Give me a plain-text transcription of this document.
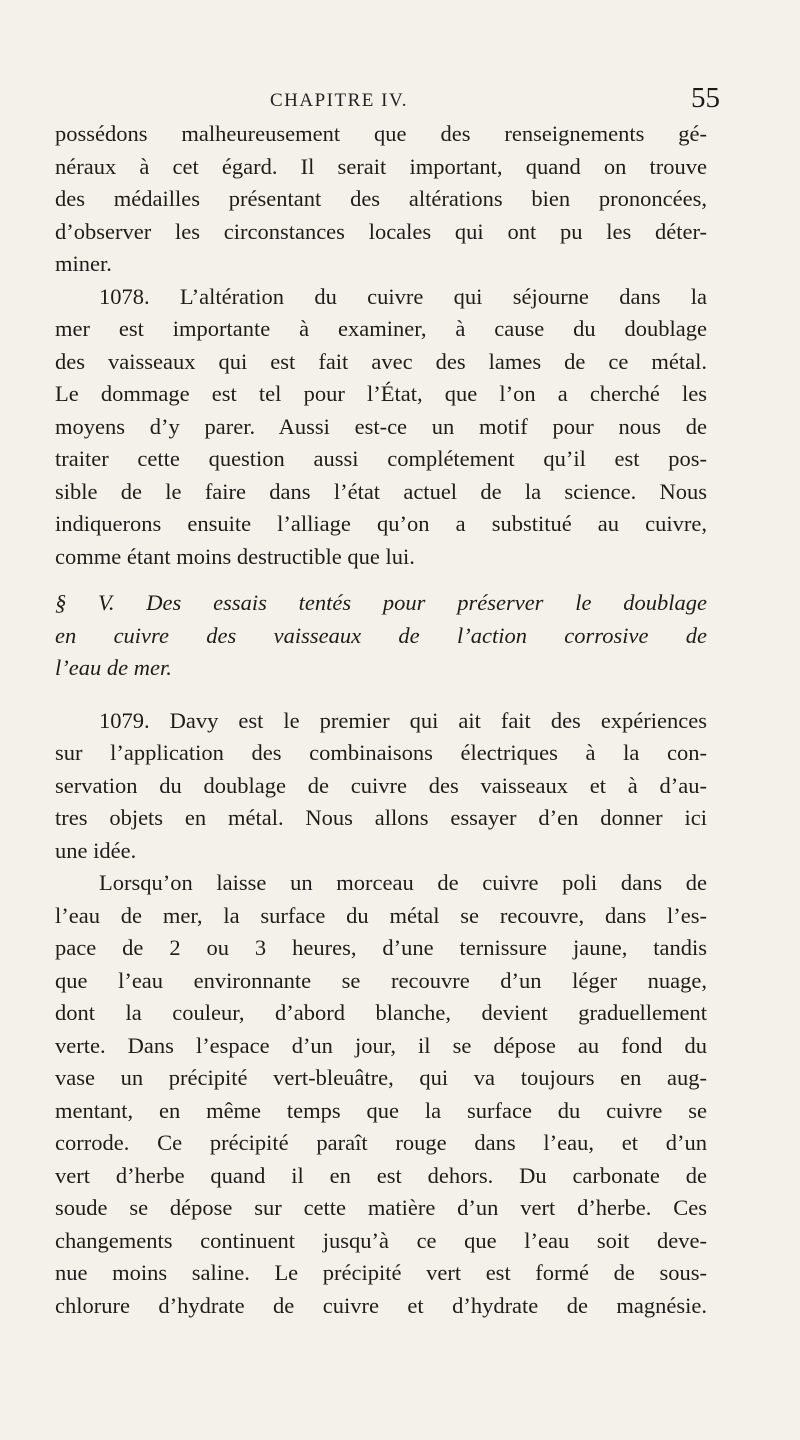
CHAPITRE IV.	55
possédons malheureusement que des renseignements gé-
néraux à cet égard. Il serait important, quand on trouve
des médailles présentant des altérations bien prononcées,
d’observer les circonstances locales qui ont pu les déter-
miner.
1078. L’altération du cuivre qui séjourne dans la
mer est importante à examiner, à cause du doublage
des vaisseaux qui est fait avec des lames de ce métal.
Le dommage est tel pour l’État, que l’on a cherché les
moyens d’y parer. Aussi est-ce un motif pour nous de
traiter cette question aussi complétement qu’il est pos-
sible de le faire dans l’état actuel de la science. Nous
indiquerons ensuite l’alliage qu’on a substitué au cuivre,
comme étant moins destructible que lui.
§ V. Des essais tentés pour préserver le doublage
en cuivre des vaisseaux de l’action corrosive de
l’eau de mer.
1079. Davy est le premier qui ait fait des expériences
sur l’application des combinaisons électriques à la con-
servation du doublage de cuivre des vaisseaux et à d’au-
tres objets en métal. Nous allons essayer d’en donner ici
une idée.
Lorsqu’on laisse un morceau de cuivre poli dans de
l’eau de mer, la surface du métal se recouvre, dans l’es-
pace de 2 ou 3 heures, d’une ternissure jaune, tandis
que l’eau environnante se recouvre d’un léger nuage,
dont la couleur, d’abord blanche, devient graduellement
verte. Dans l’espace d’un jour, il se dépose au fond du
vase un précipité vert-bleuâtre, qui va toujours en aug-
mentant, en même temps que la surface du cuivre se
corrode. Ce précipité paraît rouge dans l’eau, et d’un
vert d’herbe quand il en est dehors. Du carbonate de
soude se dépose sur cette matière d’un vert d’herbe. Ces
changements continuent jusqu’à ce que l’eau soit deve-
nue moins saline. Le précipité vert est formé de sous-
chlorure d’hydrate de cuivre et d’hydrate de magnésie.
